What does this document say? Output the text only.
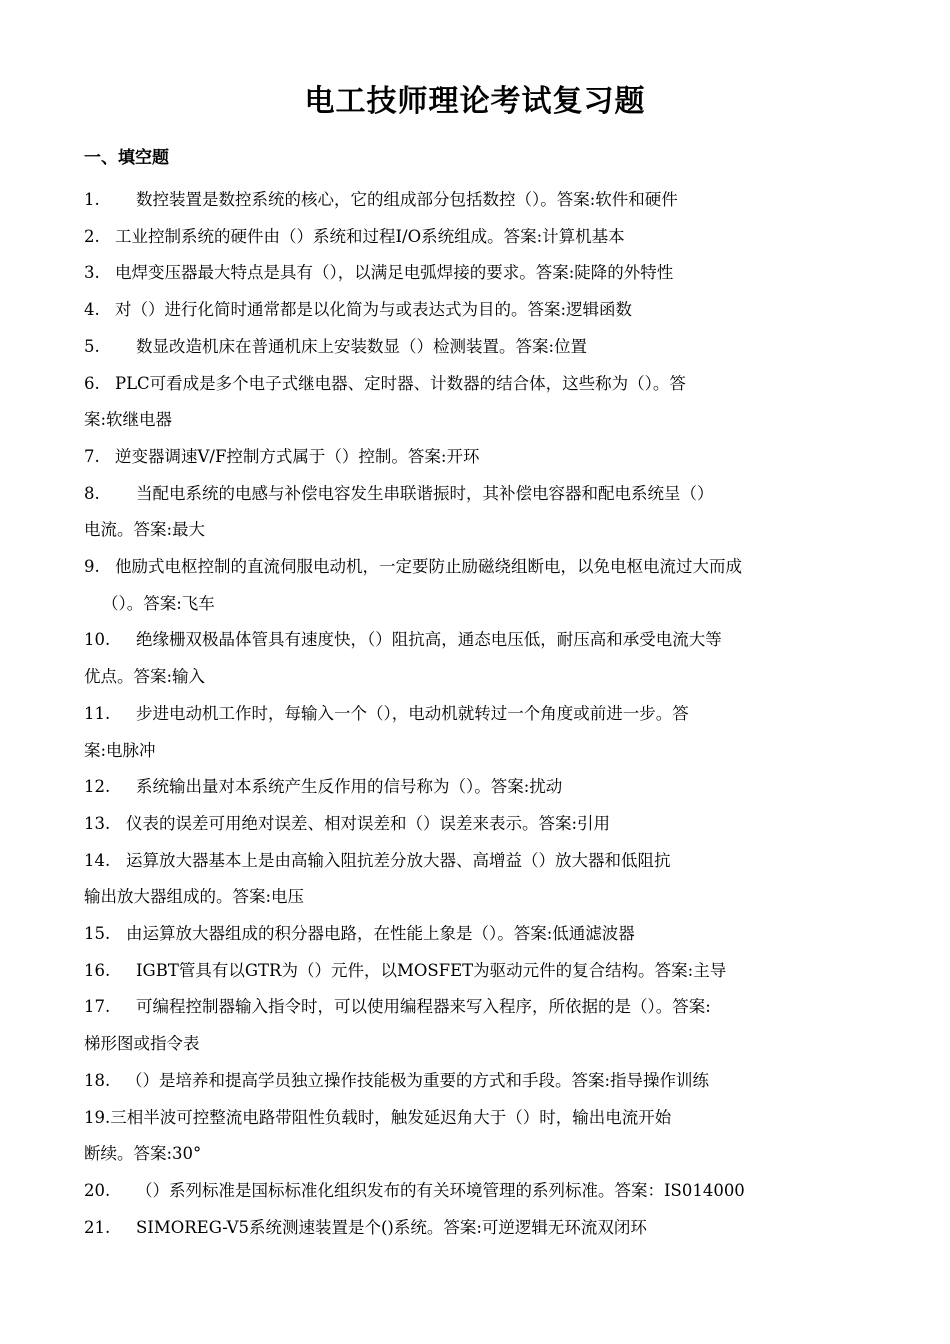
电工技师理论考试复习题
一、填空题
1. 数控装置是数控系统的核心，它的组成部分包括数控（）。答案:软件和硬件
2. 工业控制系统的硬件由（）系统和过程I/O系统组成。答案:计算机基本
3. 电焊变压器最大特点是具有（），以满足电弧焊接的要求。答案:陡降的外特性
4. 对（）进行化简时通常都是以化简为与或表达式为目的。答案:逻辑函数
5. 数显改造机床在普通机床上安装数显（）检测装置。答案:位置
6. PLC可看成是多个电子式继电器、定时器、计数器的结合体，这些称为（）。答
案:软继电器
7. 逆变器调速V/F控制方式属于（）控制。答案:开环
8. 当配电系统的电感与补偿电容发生串联谐振时，其补偿电容器和配电系统呈（）
电流。答案:最大
9. 他励式电枢控制的直流伺服电动机，一定要防止励磁绕组断电，以免电枢电流过大而成
（）。答案:飞车
10. 绝缘栅双极晶体管具有速度快，（）阻抗高，通态电压低，耐压高和承受电流大等
优点。答案:输入
11. 步进电动机工作时，每输入一个（），电动机就转过一个角度或前进一步。答
案:电脉冲
12. 系统输出量对本系统产生反作用的信号称为（）。答案:扰动
13. 仪表的误差可用绝对误差、相对误差和（）误差来表示。答案:引用
14. 运算放大器基本上是由高输入阻抗差分放大器、高增益（）放大器和低阻抗
输出放大器组成的。答案:电压
15. 由运算放大器组成的积分器电路，在性能上象是（）。答案:低通滤波器
16. IGBT管具有以GTR为（）元件，以MOSFET为驱动元件的复合结构。答案:主导
17. 可编程控制器输入指令时，可以使用编程器来写入程序，所依据的是（）。答案:
梯形图或指令表
18. （）是培养和提高学员独立操作技能极为重要的方式和手段。答案:指导操作训练
19.三相半波可控整流电路带阻性负载时，触发延迟角大于（）时，输出电流开始
断续。答案:30°
20. （）系列标准是国标标准化组织发布的有关环境管理的系列标准。答案：IS014000
21. SIMOREG-V5系统测速装置是个()系统。答案:可逆逻辑无环流双闭环
